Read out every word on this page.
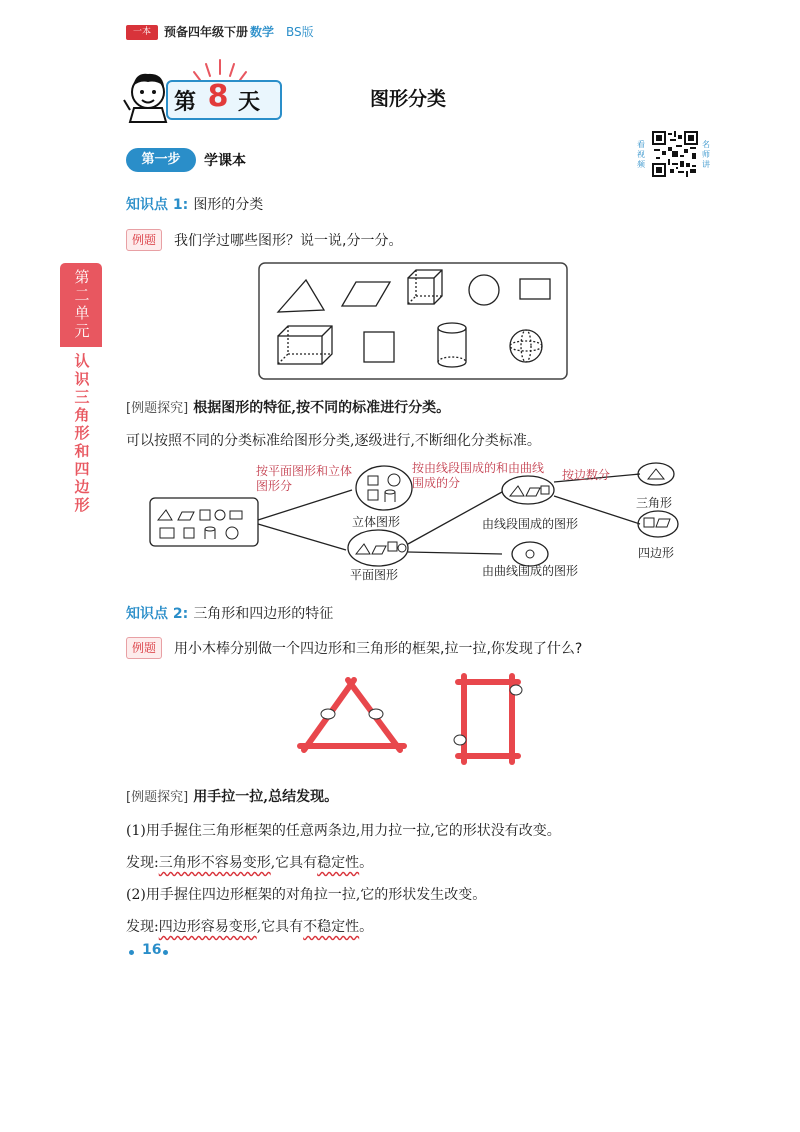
一本	预备四年级下册 数学 BS版
第 8 天	图形分类
第一步	学课本
看视频
名师讲
第二单元
认识三角形和四边形
知识点 1: 图形的分类
例题	我们学过哪些图形？说一说,分一分。
[例题探究] 根据图形的特征,按不同的标准进行分类。
可以按照不同的分类标准给图形分类,逐级进行,不断细化分类标准。
按平面图形和立体图形分
立体图形
平面图形
按由线段围成的和由曲线围成的分
由线段围成的图形
由曲线围成的图形
按边数分
三角形
四边形
知识点 2: 三角形和四边形的特征
例题	用小木棒分别做一个四边形和三角形的框架,拉一拉,你发现了什么?
[例题探究] 用手拉一拉,总结发现。
(1)用手握住三角形框架的任意两条边,用力拉一拉,它的形状没有改变。
发现:三角形不容易变形,它具有稳定性。
(2)用手握住四边形框架的对角拉一拉,它的形状发生改变。
发现:四边形容易变形,它具有不稳定性。
16
